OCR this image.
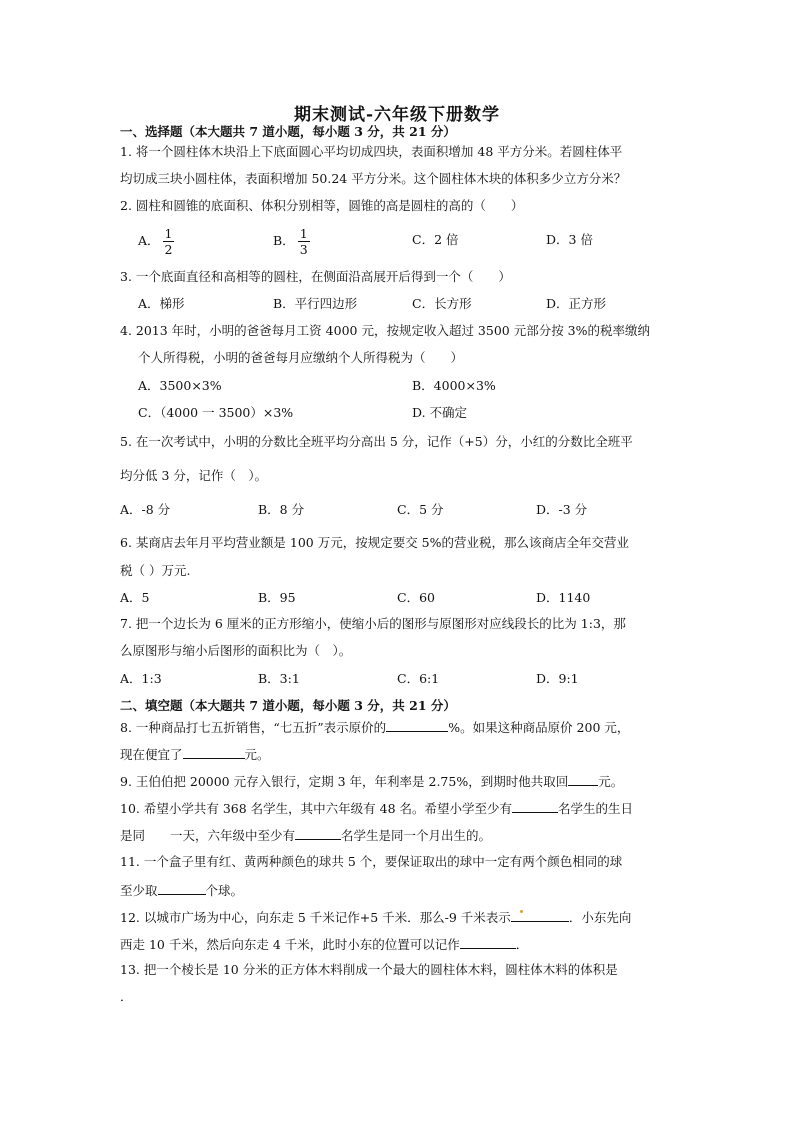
期末测试-六年级下册数学
一、选择题（本大题共 7 道小题，每小题 3 分，共 21 分）
1. 将一个圆柱体木块沿上下底面圆心平均切成四块，表面积增加 48 平方分米。若圆柱体平
均切成三块小圆柱体，表面积增加 50.24 平方分米。这个圆柱体木块的体积多少立方分米？
2. 圆柱和圆锥的底面积、体积分别相等，圆锥的高是圆柱的高的（　　）
A． $\frac{1}{2}$	B． $\frac{1}{3}$	C．2 倍	D．3 倍
3. 一个底面直径和高相等的圆柱，在侧面沿高展开后得到一个（　　）
A．梯形	B．平行四边形	C．长方形	D．正方形
4. 2013 年时，小明的爸爸每月工资 4000 元，按规定收入超过 3500 元部分按 3%的税率缴纳
个人所得税，小明的爸爸每月应缴纳个人所得税为（　　）
A．3500×3%	B．4000×3%
C．（4000 一 3500）×3%	D. 不确定
5. 在一次考试中，小明的分数比全班平均分高出 5 分，记作（+5）分，小红的分数比全班平
均分低 3 分，记作（　）。
A．-8 分	B．8 分	C．5 分	D．-3 分
6. 某商店去年月平均营业额是 100 万元，按规定要交 5%的营业税，那么该商店全年交营业
税（ ）万元.
A．5	B．95	C．60	D．1140
7. 把一个边长为 6 厘米的正方形缩小，使缩小后的图形与原图形对应线段长的比为 1:3，那
么原图形与缩小后图形的面积比为（　）。
A．1:3	B．3:1	C．6:1	D．9:1
二、填空题（本大题共 7 道小题，每小题 3 分，共 21 分）
8. 一种商品打七五折销售，“七五折”表示原价的	%。如果这种商品原价 200 元，
现在便宜了	元。
9. 王伯伯把 20000 元存入银行，定期 3 年，年利率是 2.75%，到期时他共取回 元。
10. 希望小学共有 368 名学生，其中六年级有 48 名。希望小学至少有	名学生的生日
是同　　一天，六年级中至少有	名学生是同一个月出生的。
11. 一个盒子里有红、黄两种颜色的球共 5 个，要保证取出的球中一定有两个颜色相同的球
至少取	个球。
12. 以城市广场为中心，向东走 5 千米记作+5 千米．那么-9 千米表示	．小东先向
西走 10 千米，然后向东走 4 千米，此时小东的位置可以记作	．
13. 把一个棱长是 10 分米的正方体木料削成一个最大的圆柱体木料，圆柱体木料的体积是
．
